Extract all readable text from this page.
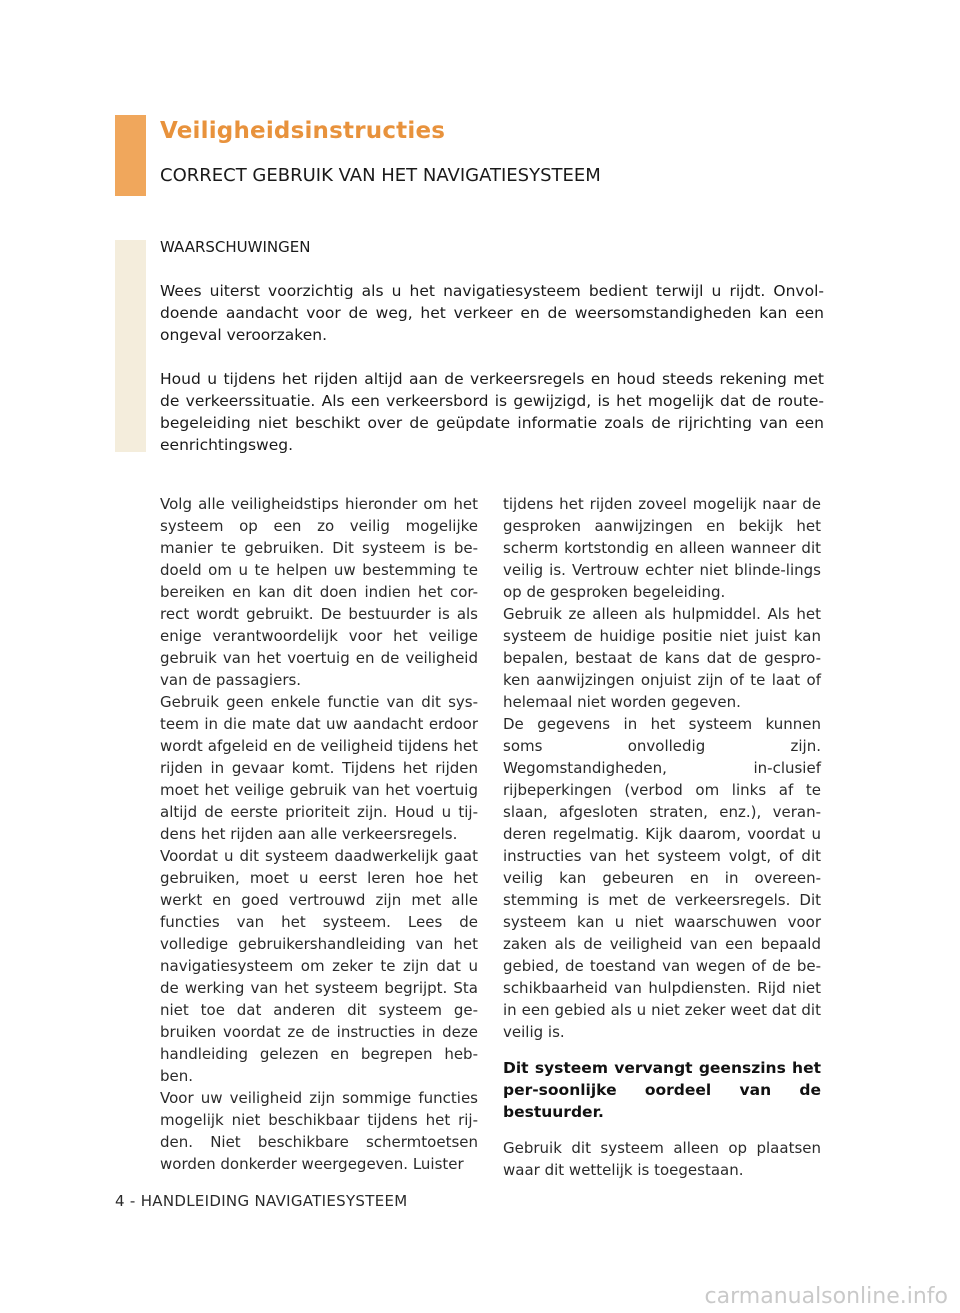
Veiligheidsinstructies
CORRECT GEBRUIK VAN HET NAVIGATIESYSTEEM
WAARSCHUWINGEN

Wees uiterst voorzichtig als u het navigatiesysteem bedient terwijl u rijdt. Onvol-doende aandacht voor de weg, het verkeer en de weersomstandigheden kan een ongeval veroorzaken.

Houd u tijdens het rijden altijd aan de verkeersregels en houd steeds rekening met de verkeerssituatie. Als een verkeersbord is gewijzigd, is het mogelijk dat de route-begeleiding niet beschikt over de geüpdate informatie zoals de rijrichting van een eenrichtingsweg.

Volg alle veiligheidstips hieronder om het systeem op een zo veilig mogelijke manier te gebruiken. Dit systeem is be-doeld om u te helpen uw bestemming te bereiken en kan dit doen indien het cor-rect wordt gebruikt. De bestuurder is als enige verantwoordelijk voor het veilige gebruik van het voertuig en de veiligheid van de passagiers.

Gebruik geen enkele functie van dit sys-teem in die mate dat uw aandacht erdoor wordt afgeleid en de veiligheid tijdens het rijden in gevaar komt. Tijdens het rijden moet het veilige gebruik van het voertuig altijd de eerste prioriteit zijn. Houd u tij-dens het rijden aan alle verkeersregels.

Voordat u dit systeem daadwerkelijk gaat gebruiken, moet u eerst leren hoe het werkt en goed vertrouwd zijn met alle functies van het systeem. Lees de volledige gebruikershandleiding van het navigatiesysteem om zeker te zijn dat u de werking van het systeem begrijpt. Sta niet toe dat anderen dit systeem ge-bruiken voordat ze de instructies in deze handleiding gelezen en begrepen heb-ben.

Voor uw veiligheid zijn sommige functies mogelijk niet beschikbaar tijdens het rij-den. Niet beschikbare schermtoetsen worden donkerder weergegeven. Luister

tijdens het rijden zoveel mogelijk naar de gesproken aanwijzingen en bekijk het scherm kortstondig en alleen wanneer dit veilig is. Vertrouw echter niet blinde-lings op de gesproken begeleiding.

Gebruik ze alleen als hulpmiddel. Als het systeem de huidige positie niet juist kan bepalen, bestaat de kans dat de gespro-ken aanwijzingen onjuist zijn of te laat of helemaal niet worden gegeven.

De gegevens in het systeem kunnen soms onvolledig zijn. Wegomstandigheden, in-clusief rijbeperkingen (verbod om links af te slaan, afgesloten straten, enz.), veran-deren regelmatig. Kijk daarom, voordat u instructies van het systeem volgt, of dit veilig kan gebeuren en in overeen-stemming is met de verkeersregels. Dit systeem kan u niet waarschuwen voor zaken als de veiligheid van een bepaald gebied, de toestand van wegen of de be-schikbaarheid van hulpdiensten. Rijd niet in een gebied als u niet zeker weet dat dit veilig is.

Dit systeem vervangt geenszins het per-soonlijke oordeel van de bestuurder.

Gebruik dit systeem alleen op plaatsen waar dit wettelijk is toegestaan.

4 - HANDLEIDING NAVIGATIESYSTEEM
carmanualsonline.info
